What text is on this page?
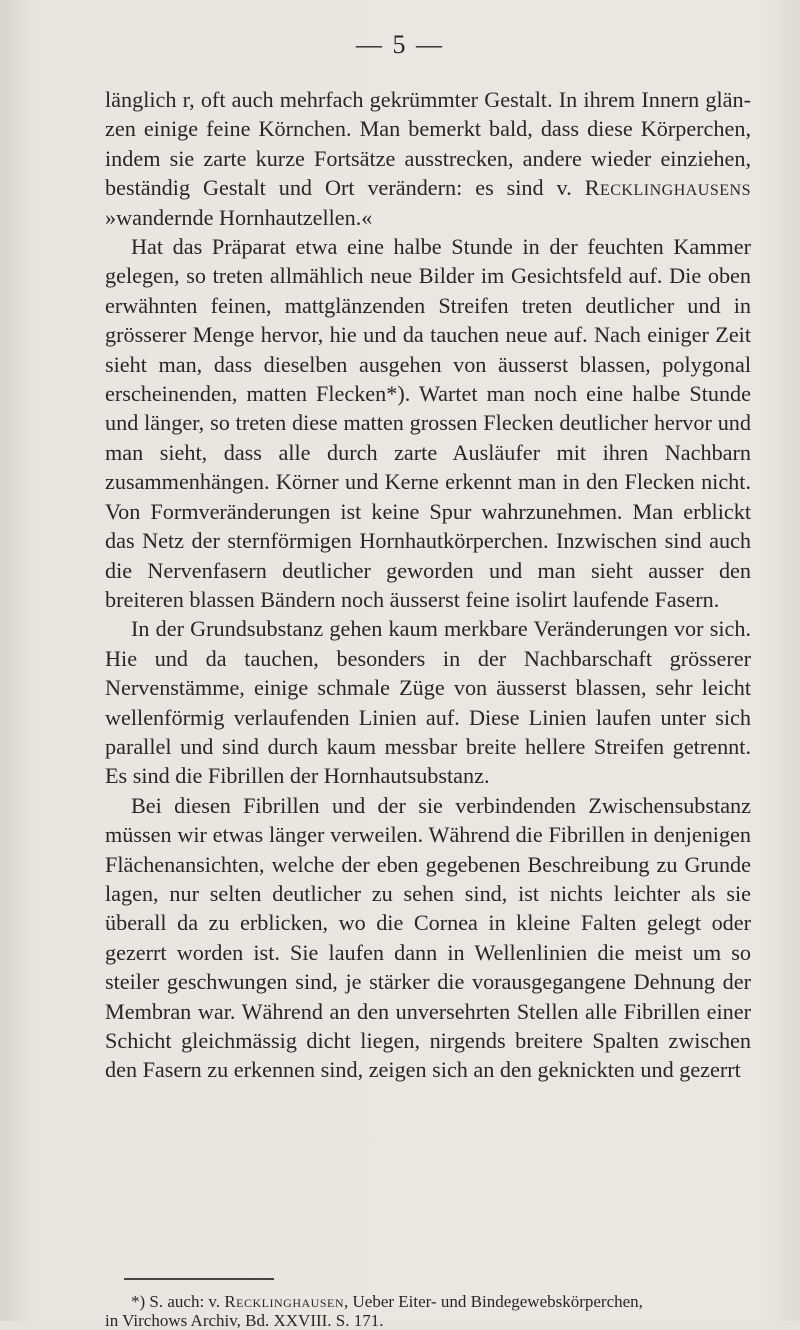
— 5 —

länglich r, oft auch mehrfach gekrümmter Gestalt. In ihrem Innern glän- zen einige feine Körnchen. Man bemerkt bald, dass diese Körperchen, indem sie zarte kurze Fortsätze ausstrecken, andere wieder einziehen, beständig Gestalt und Ort verändern: es sind v. Recklinghausens »wandernde Hornhautzellen.«

Hat das Präparat etwa eine halbe Stunde in der feuchten Kammer gelegen, so treten allmählich neue Bilder im Gesichtsfeld auf. Die oben erwähnten feinen, mattglänzenden Streifen treten deutlicher und in grösserer Menge hervor, hie und da tauchen neue auf. Nach einiger Zeit sieht man, dass dieselben ausgehen von äusserst blassen, polygonal erscheinenden, matten Flecken*). Wartet man noch eine halbe Stunde und länger, so treten diese matten grossen Flecken deutlicher hervor und man sieht, dass alle durch zarte Ausläufer mit ihren Nachbarn zusammenhängen. Körner und Kerne erkennt man in den Flecken nicht. Von Formveränderungen ist keine Spur wahrzunehmen. Man erblickt das Netz der sternförmigen Hornhautkörperchen. Inzwischen sind auch die Nervenfasern deutlicher geworden und man sieht ausser den breiteren blassen Bändern noch äusserst feine isolirt laufende Fasern.

In der Grundsubstanz gehen kaum merkbare Veränderungen vor sich. Hie und da tauchen, besonders in der Nachbarschaft grösserer Nervenstämme, einige schmale Züge von äusserst blassen, sehr leicht wellenförmig verlaufenden Linien auf. Diese Linien laufen unter sich parallel und sind durch kaum messbar breite hellere Streifen getrennt. Es sind die Fibrillen der Hornhautsubstanz.

Bei diesen Fibrillen und der sie verbindenden Zwischensubstanz müssen wir etwas länger verweilen. Während die Fibrillen in denjenigen Flächenansichten, welche der eben gegebenen Beschreibung zu Grunde lagen, nur selten deutlicher zu sehen sind, ist nichts leichter als sie überall da zu erblicken, wo die Cornea in kleine Falten gelegt oder gezerrt worden ist. Sie laufen dann in Wellenlinien die meist um so steiler geschwungen sind, je stärker die vorausgegangene Dehnung der Membran war. Während an den unversehrten Stellen alle Fibrillen einer Schicht gleichmässig dicht liegen, nirgends breitere Spalten zwischen den Fasern zu erkennen sind, zeigen sich an den geknickten und gezerrt

*) S. auch: v. Recklinghausen, Ueber Eiter- und Bindegewebskörperchen,

in Virchows Archiv, Bd. XXVIII. S. 171.
